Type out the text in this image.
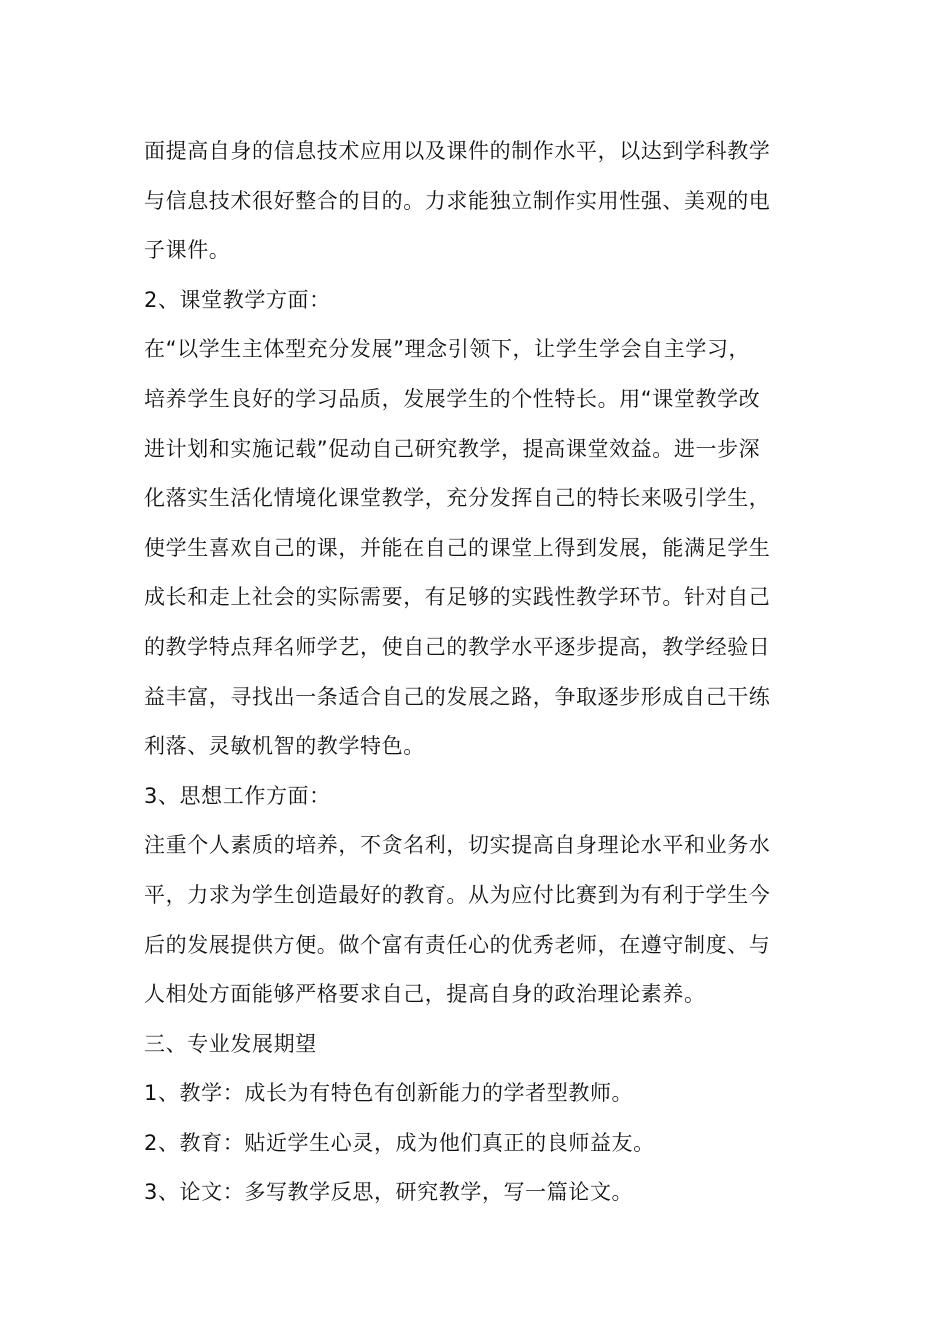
面提高自身的信息技术应用以及课件的制作水平，以达到学科教学
与信息技术很好整合的目的。力求能独立制作实用性强、美观的电
子课件。

2、课堂教学方面：

在“以学生主体型充分发展”理念引领下，让学生学会自主学习，
培养学生良好的学习品质，发展学生的个性特长。用“课堂教学改
进计划和实施记载”促动自己研究教学，提高课堂效益。进一步深
化落实生活化情境化课堂教学，充分发挥自己的特长来吸引学生，
使学生喜欢自己的课，并能在自己的课堂上得到发展，能满足学生
成长和走上社会的实际需要，有足够的实践性教学环节。针对自己
的教学特点拜名师学艺，使自己的教学水平逐步提高，教学经验日
益丰富，寻找出一条适合自己的发展之路，争取逐步形成自己干练
利落、灵敏机智的教学特色。

3、思想工作方面：

注重个人素质的培养，不贪名利，切实提高自身理论水平和业务水
平，力求为学生创造最好的教育。从为应付比赛到为有利于学生今
后的发展提供方便。做个富有责任心的优秀老师，在遵守制度、与
人相处方面能够严格要求自己，提高自身的政治理论素养。

三、专业发展期望

1、教学：成长为有特色有创新能力的学者型教师。

2、教育：贴近学生心灵，成为他们真正的良师益友。

3、论文：多写教学反思，研究教学，写一篇论文。
